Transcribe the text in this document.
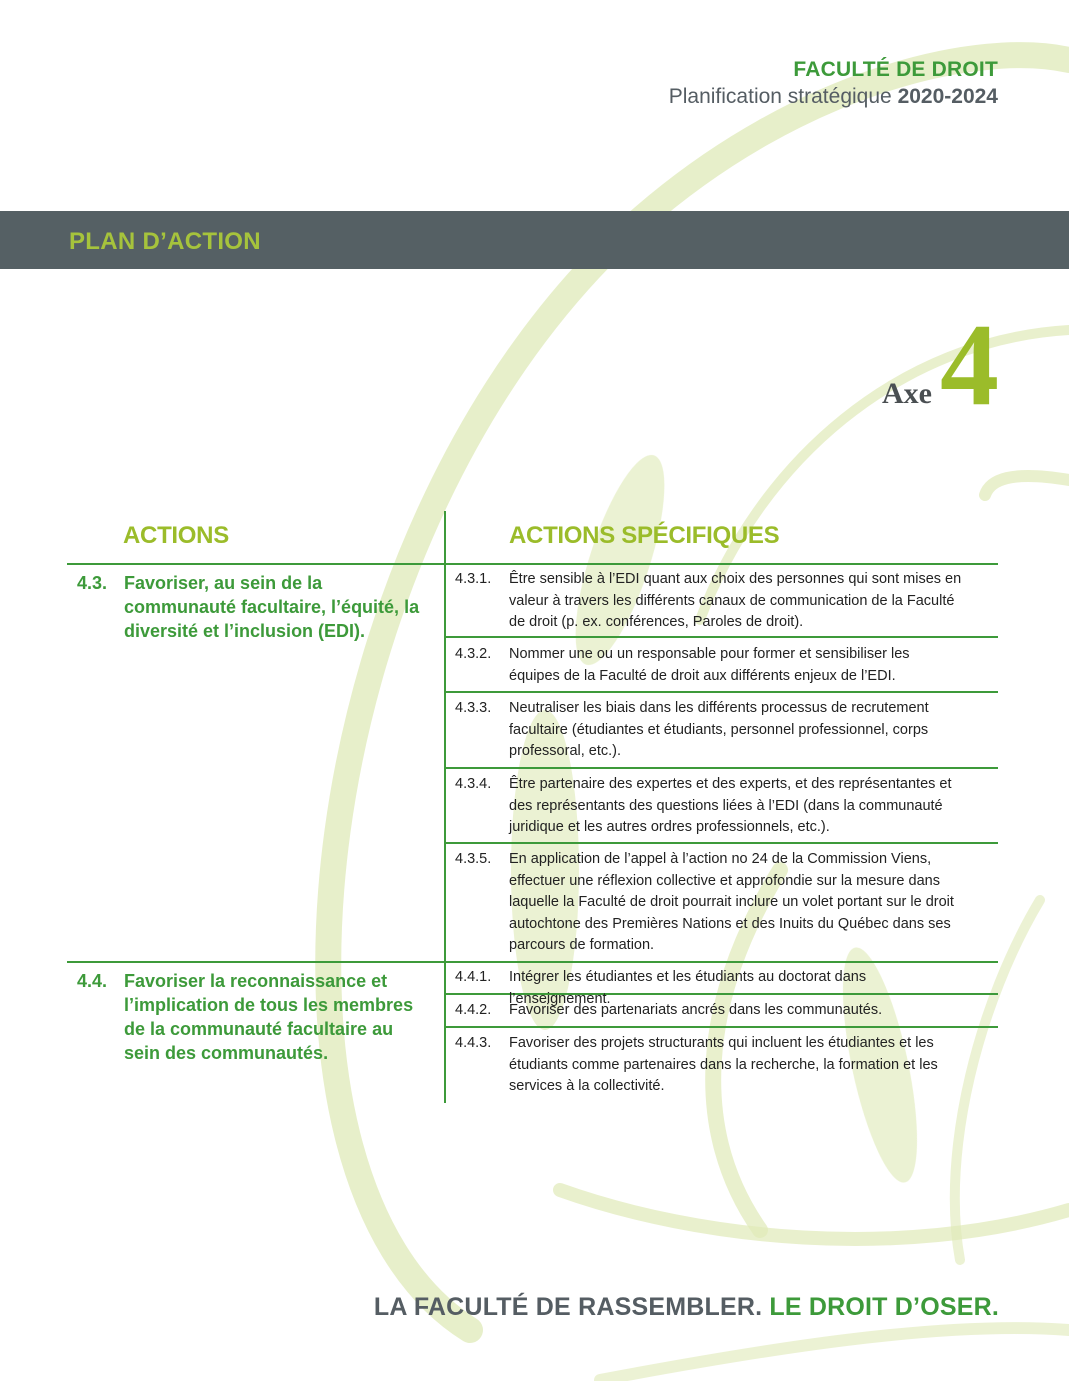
FACULTÉ DE DROIT
Planification stratégique 2020-2024
PLAN D’ACTION
Axe 4
ACTIONS	ACTIONS SPÉCIFIQUES
4.3. Favoriser, au sein de la communauté facultaire, l’équité, la diversité et l’inclusion (EDI).
4.4. Favoriser la reconnaissance et l’implication de tous les membres de la communauté facultaire au sein des communautés.
4.3.1. Être sensible à l’EDI quant aux choix des personnes qui sont mises en valeur à travers les différents canaux de communication de la Faculté de droit (p. ex. conférences, Paroles de droit).
4.3.2. Nommer une ou un responsable pour former et sensibiliser les équipes de la Faculté de droit aux différents enjeux de l’EDI.
4.3.3. Neutraliser les biais dans les différents processus de recrutement facultaire (étudiantes et étudiants, personnel professionnel, corps professoral, etc.).
4.3.4. Être partenaire des expertes et des experts, et des représentantes et des représentants des questions liées à l’EDI (dans la communauté juridique et les autres ordres professionnels, etc.).
4.3.5. En application de l’appel à l’action no 24 de la Commission Viens, effectuer une réflexion collective et approfondie sur la mesure dans laquelle la Faculté de droit pourrait inclure un volet portant sur le droit autochtone des Premières Nations et des Inuits du Québec dans ses parcours de formation.
4.4.1. Intégrer les étudiantes et les étudiants au doctorat dans l’enseignement.
4.4.2. Favoriser des partenariats ancrés dans les communautés.
4.4.3. Favoriser des projets structurants qui incluent les étudiantes et les étudiants comme partenaires dans la recherche, la formation et les services à la collectivité.
LA FACULTÉ DE RASSEMBLER. LE DROIT D’OSER.
